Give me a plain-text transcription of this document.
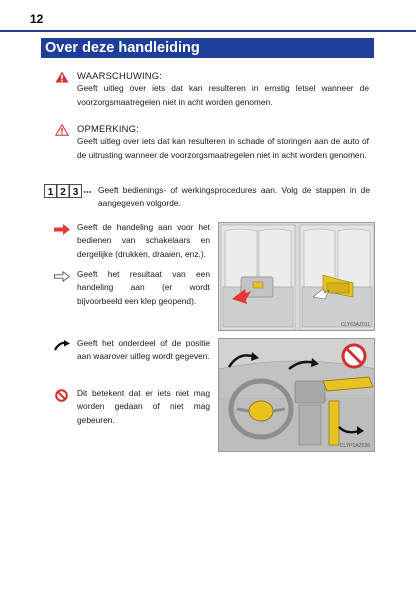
12
Over deze handleiding
WAARSCHUWING:
Geeft uitleg over iets dat kan resulteren in ernstig letsel wanneer de voorzorgsmaatregelen niet in acht worden genomen.
OPMERKING:
Geeft uitleg over iets dat kan resulteren in schade of storingen aan de auto of de uitrusting wanneer de voorzorgsmaatregelen niet in acht worden genomen.
1 2 3 Geeft bedienings- of werkingsprocedures aan. Volg de stappen in de aangegeven volgorde.
Geeft de handeling aan voor het bedienen van schakelaars en dergelijke (drukken, draaien, enz.).
Geeft het resultaat van een handeling aan (er wordt bijvoorbeeld een klep geopend).
Geeft het onderdeel of de positie aan waarover uitleg wordt gegeven.
Dit betekent dat er iets niet mag worden gedaan of niet mag gebeuren.
CLY63AZ011
CLYP1AZ026
